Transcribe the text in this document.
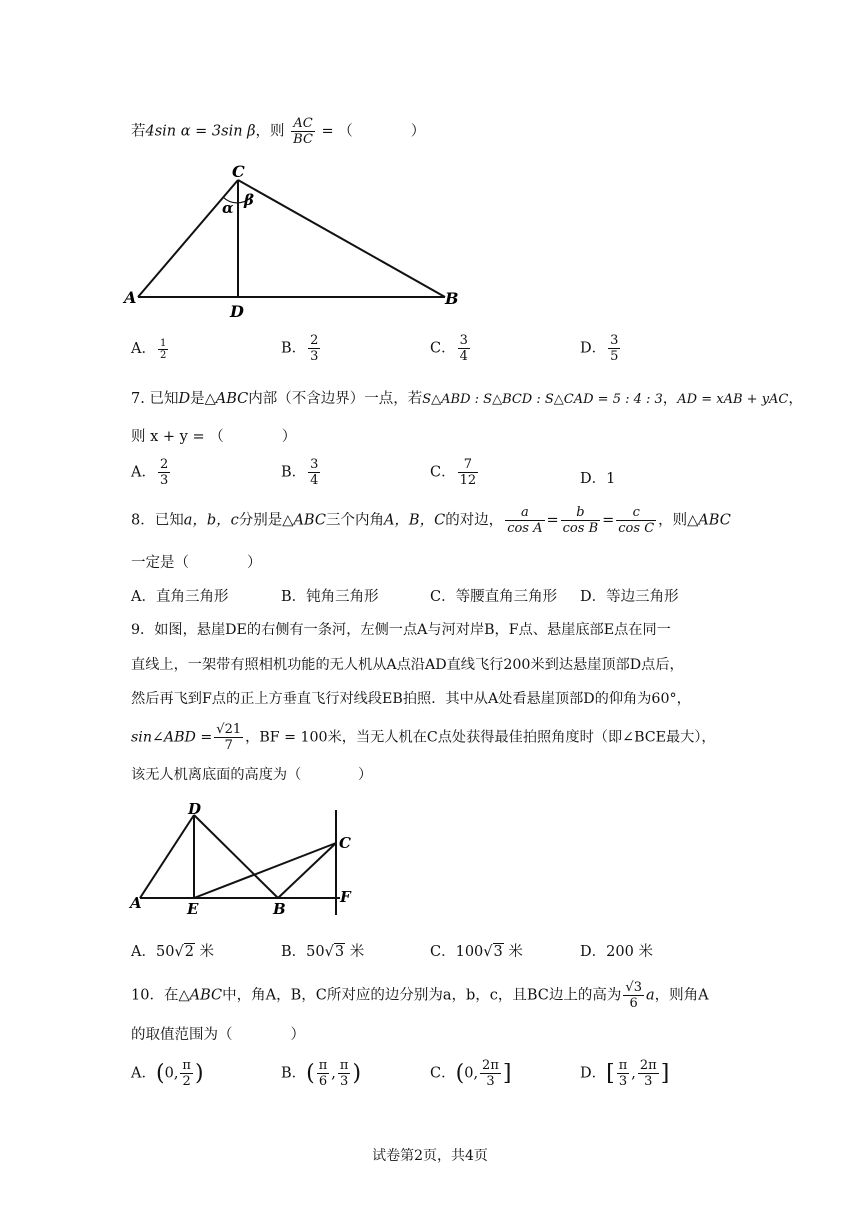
若4sin α = 3sin β，则 $\frac{AC}{BC}$ = （　　　　）
C
α β
A
D
B
A． $\frac{1}{2}$	B． $\frac{2}{3}$	C． $\frac{3}{4}$	D． $\frac{3}{5}$
7. 已知D是△ABC内部（不含边界）一点，若S△ABD : S△BCD : S△CAD = 5 : 4 : 3，AD = xAB + yAC，
则 x + y = （　　　　）
A． $\frac{2}{3}$	B． $\frac{3}{4}$	C． $\frac{7}{12}$	D．1
8．已知a，b，c分别是△ABC三个内角A，B，C的对边， $\frac{a}{\text{cos A}} = \frac{b}{\text{cos B}} = \frac{c}{\text{cos C}}$ ，则△ABC
一定是（　　　　）
A．直角三角形	B．钝角三角形	C．等腰直角三角形 D．等边三角形
9．如图，悬崖DE的右侧有一条河，左侧一点A与河对岸B，F点、悬崖底部E点在同一
直线上，一架带有照相机功能的无人机从A点沿AD直线飞行200米到达悬崖顶部D点后，
然后再飞到F点的正上方垂直飞行对线段EB拍照．其中从A处看悬崖顶部D的仰角为60°，
sin∠ABD = $\frac{√21}{7}$ ，BF = 100米，当无人机在C点处获得最佳拍照角度时（即∠BCE最大），
该无人机离底面的高度为（　　　　）
D
A	E	B
C
F
A．50√2 米	B．50√3 米	C．100√3 米	D．200 米
10．在△ABC中，角A，B，C所对应的边分别为a，b，c，且BC边上的高为 $\frac{√3}{6}$ a，则角A
的取值范围为（　　　　）
A．(0, $\frac{\pi}{2}$ )	B．( $\frac{\pi}{6}$ , $\frac{\pi}{3}$ )	C．(0, $\frac{2\pi}{3}$ ]	D．[ $\frac{\pi}{3}$ , $\frac{2\pi}{3}$ ]
试卷第2页，共4页
